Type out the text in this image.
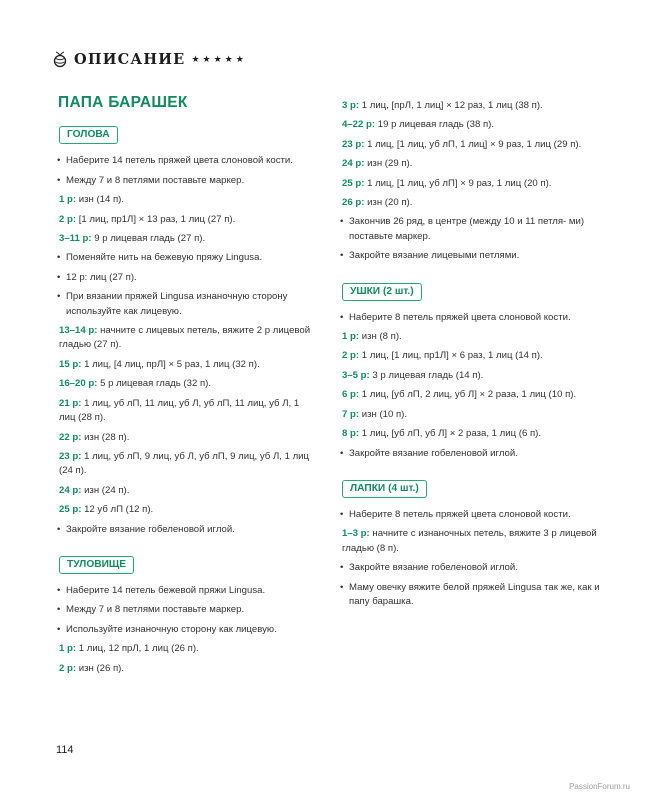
ОПИСАНИЕ ★★★★★
ПАПА БАРАШЕК
ГОЛОВА
• Наберите 14 петель пряжей цвета слоновой кости.
• Между 7 и 8 петлями поставьте маркер.
1 р: изн (14 п).
2 р: [1 лиц, пр1Л] × 13 раз, 1 лиц (27 п).
3–11 р: 9 р лицевая гладь (27 п).
• Поменяйте нить на бежевую пряжу Lingusa.
• 12 р: лиц (27 п).
• При вязании пряжей Lingusa изнаночную сторону используйте как лицевую.
13–14 р: начните с лицевых петель, вяжите 2 р лицевой гладью (27 п).
15 р: 1 лиц, [4 лиц, прЛ] × 5 раз, 1 лиц (32 п).
16–20 р: 5 р лицевая гладь (32 п).
21 р: 1 лиц, уб лП, 11 лиц, уб Л, уб лП, 11 лиц, уб Л, 1 лиц (28 п).
22 р: изн (28 п).
23 р: 1 лиц, уб лП, 9 лиц, уб Л, уб лП, 9 лиц, уб Л, 1 лиц (24 п).
24 р: изн (24 п).
25 р: 12 уб лП (12 п).
• Закройте вязание гобеленовой иглой.
ТУЛОВИЩЕ
• Наберите 14 петель бежевой пряжи Lingusa.
• Между 7 и 8 петлями поставьте маркер.
• Используйте изнаночную сторону как лицевую.
1 р: 1 лиц, 12 прЛ, 1 лиц (26 п).
2 р: изн (26 п).
3 р: 1 лиц, [прЛ, 1 лиц] × 12 раз, 1 лиц (38 п).
4–22 р: 19 р лицевая гладь (38 п).
23 р: 1 лиц, [1 лиц, уб лП, 1 лиц] × 9 раз, 1 лиц (29 п).
24 р: изн (29 п).
25 р: 1 лиц, [1 лиц, уб лП] × 9 раз, 1 лиц (20 п).
26 р: изн (20 п).
• Закончив 26 ряд, в центре (между 10 и 11 петля- ми) поставьте маркер.
• Закройте вязание лицевыми петлями.
УШКИ (2 шт.)
• Наберите 8 петель пряжей цвета слоновой кости.
1 р: изн (8 п).
2 р: 1 лиц, [1 лиц, пр1Л] × 6 раз, 1 лиц (14 п).
3–5 р: 3 р лицевая гладь (14 п).
6 р: 1 лиц, [уб лП, 2 лиц, уб Л] × 2 раза, 1 лиц (10 п).
7 р: изн (10 п).
8 р: 1 лиц, [уб лП, уб Л] × 2 раза, 1 лиц (6 п).
• Закройте вязание гобеленовой иглой.
ЛАПКИ (4 шт.)
• Наберите 8 петель пряжей цвета слоновой кости.
1–3 р: начните с изнаночных петель, вяжите 3 р лицевой гладью (8 п).
• Закройте вязание гобеленовой иглой.
• Маму овечку вяжите белой пряжей Lingusa так же, как и папу барашка.
114
PassionForum.ru
